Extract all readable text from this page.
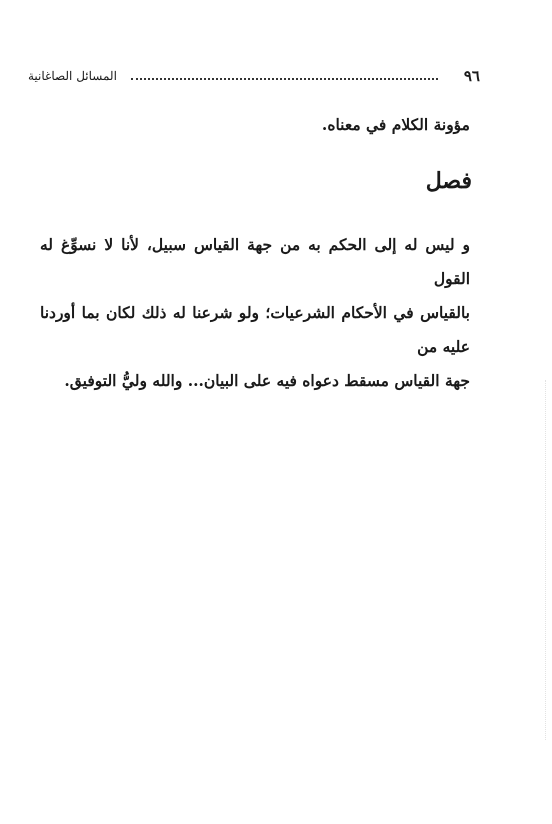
٩٦
المسائل الصاغانية
مؤونة الكلام في معناه.
فصل
و ليس له إلى الحكم به من جهة القياس سبيل، لأنا لا نسوِّغ له القول
بالقياس في الأحكام الشرعيات؛ ولو شرعنا له ذلك لكان بما أوردنا عليه من
جهة القياس مسقط دعواه فيه على البيان... والله وليُّ التوفيق.
